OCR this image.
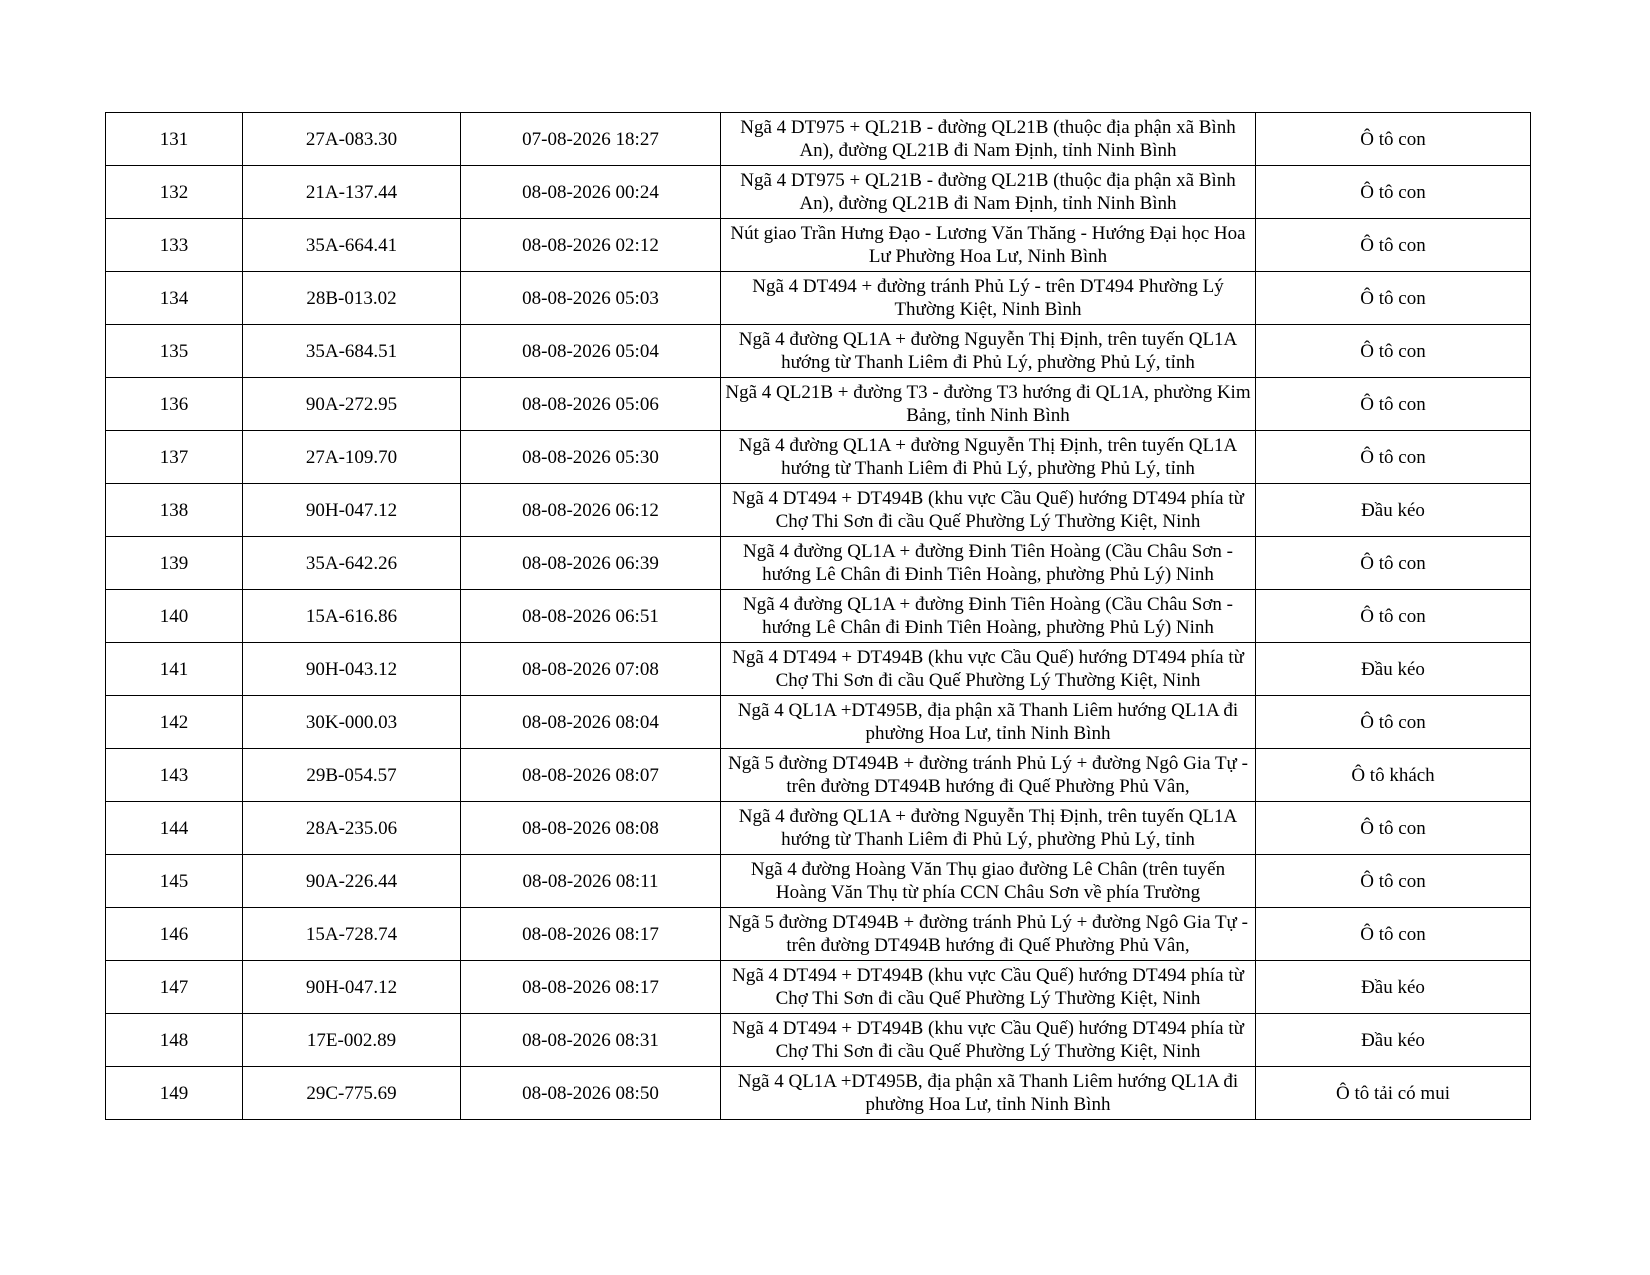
131	27A-083.30	07-08-2026 18:27	Ngã 4 DT975 + QL21B - đường QL21B (thuộc địa phận xã Bình An), đường QL21B đi Nam Định, tỉnh Ninh Bình	Ô tô con
132	21A-137.44	08-08-2026 00:24	Ngã 4 DT975 + QL21B - đường QL21B (thuộc địa phận xã Bình An), đường QL21B đi Nam Định, tỉnh Ninh Bình	Ô tô con
133	35A-664.41	08-08-2026 02:12	Nút giao Trần Hưng Đạo - Lương Văn Thăng - Hướng Đại học Hoa Lư Phường Hoa Lư, Ninh Bình	Ô tô con
134	28B-013.02	08-08-2026 05:03	Ngã 4 DT494 + đường tránh Phủ Lý - trên DT494 Phường Lý Thường Kiệt, Ninh Bình	Ô tô con
135	35A-684.51	08-08-2026 05:04	Ngã 4 đường QL1A + đường Nguyễn Thị Định, trên tuyến QL1A hướng từ Thanh Liêm đi Phủ Lý, phường Phủ Lý, tỉnh	Ô tô con
136	90A-272.95	08-08-2026 05:06	Ngã 4 QL21B + đường T3 - đường T3 hướng đi QL1A, phường Kim Bảng, tỉnh Ninh Bình	Ô tô con
137	27A-109.70	08-08-2026 05:30	Ngã 4 đường QL1A + đường Nguyễn Thị Định, trên tuyến QL1A hướng từ Thanh Liêm đi Phủ Lý, phường Phủ Lý, tỉnh	Ô tô con
138	90H-047.12	08-08-2026 06:12	Ngã 4 DT494 + DT494B (khu vực Cầu Quế) hướng DT494 phía từ Chợ Thi Sơn đi cầu Quế Phường Lý Thường Kiệt, Ninh	Đầu kéo
139	35A-642.26	08-08-2026 06:39	Ngã 4 đường QL1A + đường Đinh Tiên Hoàng (Cầu Châu Sơn - hướng Lê Chân đi Đinh Tiên Hoàng, phường Phủ Lý) Ninh	Ô tô con
140	15A-616.86	08-08-2026 06:51	Ngã 4 đường QL1A + đường Đinh Tiên Hoàng (Cầu Châu Sơn - hướng Lê Chân đi Đinh Tiên Hoàng, phường Phủ Lý) Ninh	Ô tô con
141	90H-043.12	08-08-2026 07:08	Ngã 4 DT494 + DT494B (khu vực Cầu Quế) hướng DT494 phía từ Chợ Thi Sơn đi cầu Quế Phường Lý Thường Kiệt, Ninh	Đầu kéo
142	30K-000.03	08-08-2026 08:04	Ngã 4 QL1A +DT495B, địa phận xã Thanh Liêm hướng QL1A đi phường Hoa Lư, tỉnh Ninh Bình	Ô tô con
143	29B-054.57	08-08-2026 08:07	Ngã 5 đường DT494B + đường tránh Phủ Lý + đường Ngô Gia Tự - trên đường DT494B hướng đi Quế Phường Phủ Vân,	Ô tô khách
144	28A-235.06	08-08-2026 08:08	Ngã 4 đường QL1A + đường Nguyễn Thị Định, trên tuyến QL1A hướng từ Thanh Liêm đi Phủ Lý, phường Phủ Lý, tỉnh	Ô tô con
145	90A-226.44	08-08-2026 08:11	Ngã 4 đường Hoàng Văn Thụ giao đường Lê Chân (trên tuyến Hoàng Văn Thụ từ phía CCN Châu Sơn về phía Trường	Ô tô con
146	15A-728.74	08-08-2026 08:17	Ngã 5 đường DT494B + đường tránh Phủ Lý + đường Ngô Gia Tự - trên đường DT494B hướng đi Quế Phường Phủ Vân,	Ô tô con
147	90H-047.12	08-08-2026 08:17	Ngã 4 DT494 + DT494B (khu vực Cầu Quế) hướng DT494 phía từ Chợ Thi Sơn đi cầu Quế Phường Lý Thường Kiệt, Ninh	Đầu kéo
148	17E-002.89	08-08-2026 08:31	Ngã 4 DT494 + DT494B (khu vực Cầu Quế) hướng DT494 phía từ Chợ Thi Sơn đi cầu Quế Phường Lý Thường Kiệt, Ninh	Đầu kéo
149	29C-775.69	08-08-2026 08:50	Ngã 4 QL1A +DT495B, địa phận xã Thanh Liêm hướng QL1A đi phường Hoa Lư, tỉnh Ninh Bình	Ô tô tải có mui
